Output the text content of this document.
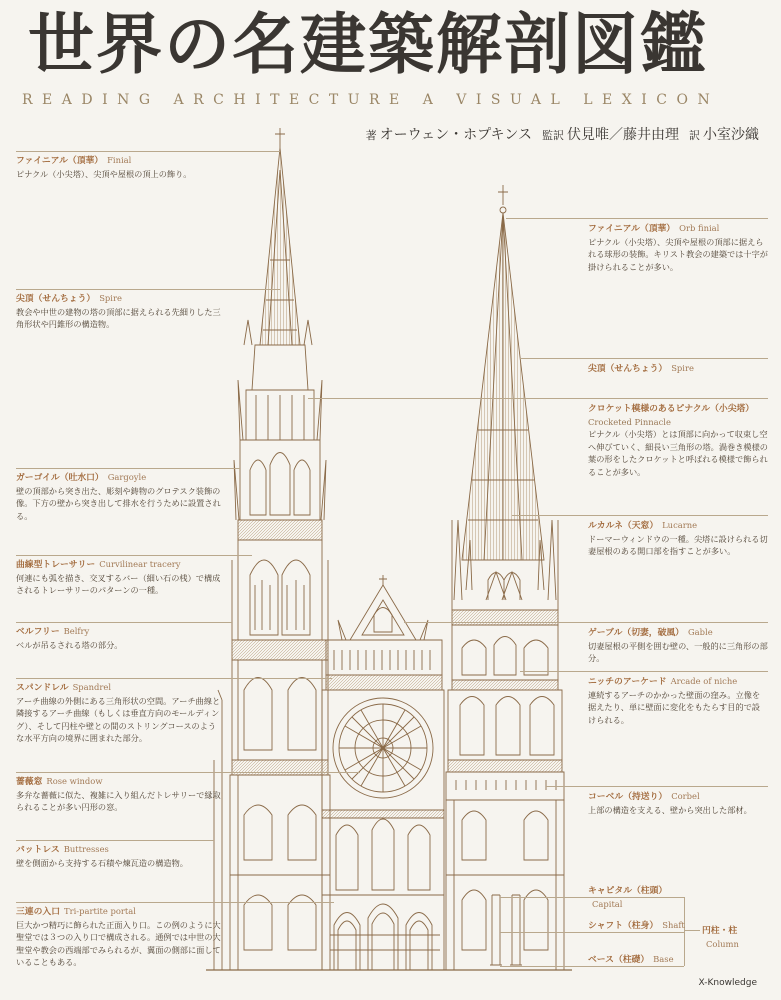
世界の名建築解剖図鑑
READING ARCHITECTURE A VISUAL LEXICON
著 オーウェン・ホプキンス 監訳 伏見唯／藤井由理 訳 小室沙織
ファイニアル（頂華） Finial
ピナクル（小尖塔）、尖頂や屋根の頂上の飾り。
尖頂（せんちょう） Spire
教会や中世の建物の塔の頂部に据えられる先細りした三角形状や円錐形の構造物。
ガーゴイル（吐水口） Gargoyle
壁の頂部から突き出た、彫刻や鋳物のグロテスク装飾の像。下方の壁から突き出して排水を行うために設置される。
曲線型トレーサリー Curvilinear tracery
何連にも弧を描き、交叉するバー（細い石の桟）で構成されるトレーサリーのパターンの一種。
ベルフリー Belfry
ベルが吊るされる塔の部分。
スパンドレル Spandrel
アーチ曲線の外側にある三角形状の空間。アーチ曲線と隣接するアーチ曲線（もしくは垂直方向のモールディング）、そして円柱や壁との間のストリングコースのような水平方向の境界に囲まれた部分。
薔薇窓 Rose window
多弁な薔薇に似た、複雑に入り組んだトレサリーで縁取られることが多い円形の窓。
バットレス Buttresses
壁を側面から支持する石積や煉瓦造の構造物。
三連の入口 Tri-partite portal
巨大かつ精巧に飾られた正面入り口。この例のように大聖堂では３つの入り口で構成される。通例では中世の大聖堂や教会の西端部でみられるが、翼面の側部に面していることもある。
ファイニアル（頂華） Orb finial
ピナクル（小尖塔）、尖頂や屋根の頂部に据えられる球形の装飾。キリスト教会の建築では十字が掛けられることが多い。
尖頂（せんちょう） Spire
クロケット模様のあるピナクル（小尖塔）
Crocketed Pinnacle
ピナクル（小尖塔）とは頂部に向かって収束し空へ伸びていく、細長い三角形の塔。渦巻き模様の葉の形をしたクロケットと呼ばれる模様で飾られることが多い。
ルカルネ（天窓） Lucarne
ドーマーウィンドウの一種。尖塔に設けられる切妻屋根のある開口部を指すことが多い。
ゲーブル（切妻，破風） Gable
切妻屋根の平側を囲む壁の、一般的に三角形の部分。
ニッチのアーケード Arcade of niche
連続するアーチのかかった壁面の窪み。立像を据えたり、単に壁面に変化をもたらす目的で設けられる。
コーベル（持送り） Corbel
上部の構造を支える、壁から突出した部材。
キャピタル（柱頭）Capital
シャフト（柱身） Shaft
ベース（柱礎） Base
円柱・柱Column
X-Knowledge
